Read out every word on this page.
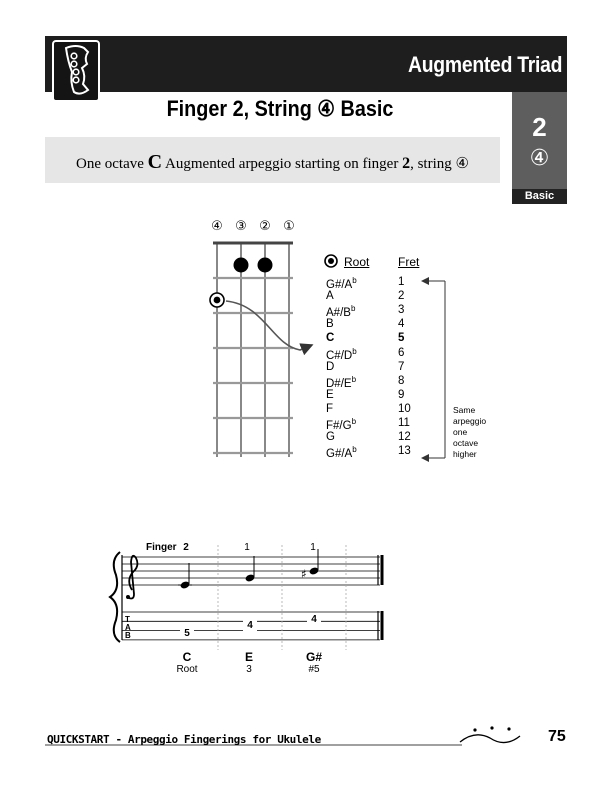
Augmented Triad
Finger 2, String ④ Basic
2
④
Basic
One octave C Augmented arpeggio starting on finger 2, string ④
T
A
B
♯
④ ③ ② ①
Root Fret
$G\#/A^b$	1
A	2
$A\#/B^b$	3
B	4
C	5
$C\#/D^b$	6
D	7
$D\#/E^b$	8
E	9
F	10
$F\#/G^b$	11
G	12
$G\#/A^b$	13
Same
arpeggio
one
octave
higher
Finger 2	1	1
5
4
4
C	E	G#
Root	3	#5
QUICKSTART - Arpeggio Fingerings for Ukulele	75
